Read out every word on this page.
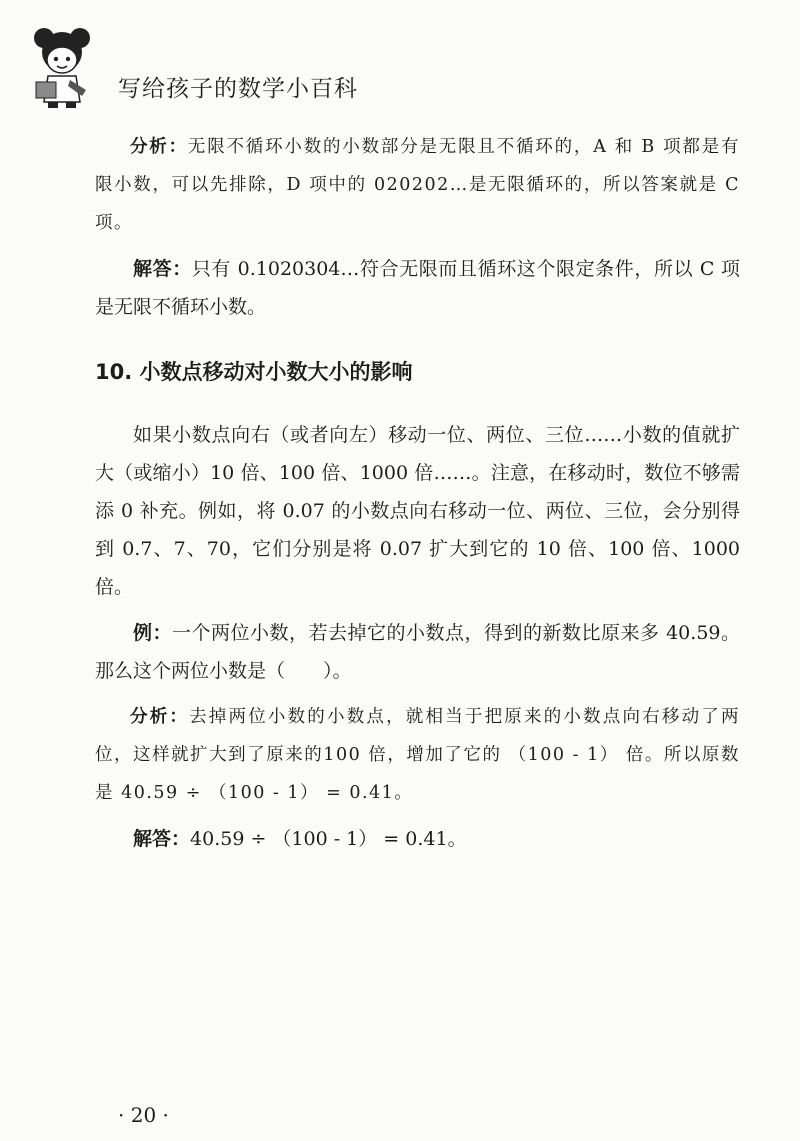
写给孩子的数学小百科

分析：无限不循环小数的小数部分是无限且不循环的，A 和 B 项都是有限小数，可以先排除，D 项中的 020202…是无限循环的，所以答案就是 C 项。

解答：只有 0.1020304…符合无限而且循环这个限定条件，所以 C 项是无限不循环小数。

10. 小数点移动对小数大小的影响

如果小数点向右（或者向左）移动一位、两位、三位……小数的值就扩大（或缩小）10 倍、100 倍、1000 倍……。注意，在移动时，数位不够需添 0 补充。例如，将 0.07 的小数点向右移动一位、两位、三位，会分别得到 0.7、7、70，它们分别是将 0.07 扩大到它的 10 倍、100 倍、1000 倍。

例：一个两位小数，若去掉它的小数点，得到的新数比原来多 40.59。那么这个两位小数是（　　）。

分析：去掉两位小数的小数点，就相当于把原来的小数点向右移动了两位，这样就扩大到了原来的100 倍，增加了它的 （100 - 1） 倍。所以原数是 40.59 ÷ （100 - 1） = 0.41。

解答：40.59 ÷ （100 - 1） = 0.41。

· 20 ·
